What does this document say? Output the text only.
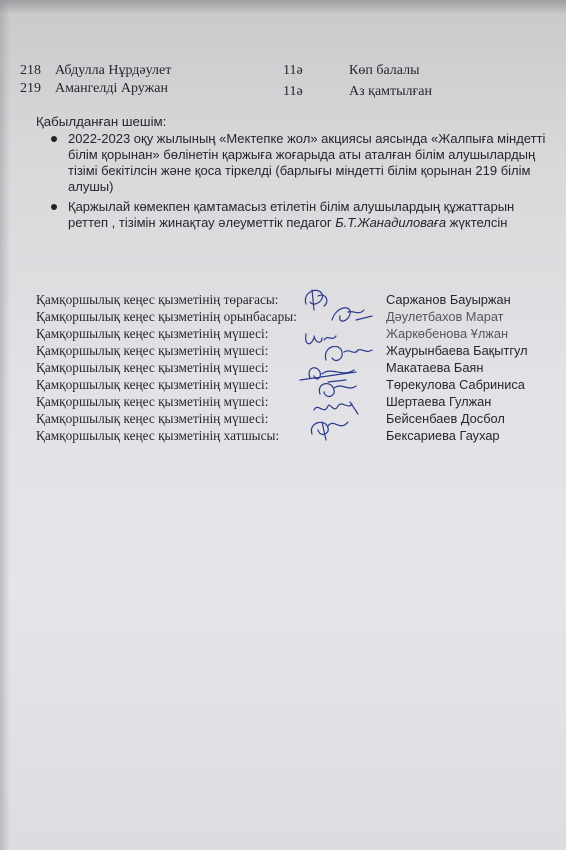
218 Абдулла Нұрдәулет	11ә	Көп балалы
219 Амангелді Аружан	11ә	Аз қамтылған
Қабылданған шешім:
2022-2023 оқу жылының «Мектепке жол» акциясы аясында «Жалпыға міндетті білім қорынан» бөлінетін қаржыға жоғарыда аты аталған білім алушылардың тізімі бекітілсін және қоса тіркелді (барлығы міндетті білім қорынан 219 білім алушы)
Қаржылай көмекпен қамтамасыз етілетін білім алушылардың құжаттарын реттеп , тізімін жинақтау әлеуметтік педагог Б.Т.Жанадиловаға жүктелсін
Қамқоршылық кеңес қызметінің төрағасы:	Саржанов Бауыржан
Қамқоршылық кеңес қызметінің орынбасары:	Дәулетбахов Марат
Қамқоршылық кеңес қызметінің мүшесі:	Жаркөбенова Ұлжан
Қамқоршылық кеңес қызметінің мүшесі:	Жаурынбаева Бақытгул
Қамқоршылық кеңес қызметінің мүшесі:	Макатаева Баян
Қамқоршылық кеңес қызметінің мүшесі:	Төрекулова Сабриниса
Қамқоршылық кеңес қызметінің мүшесі:	Шертаева Гулжан
Қамқоршылық кеңес қызметінің мүшесі:	Бейсенбаев Досбол
Қамқоршылық кеңес қызметінің хатшысы:	Бексариева Гаухар
